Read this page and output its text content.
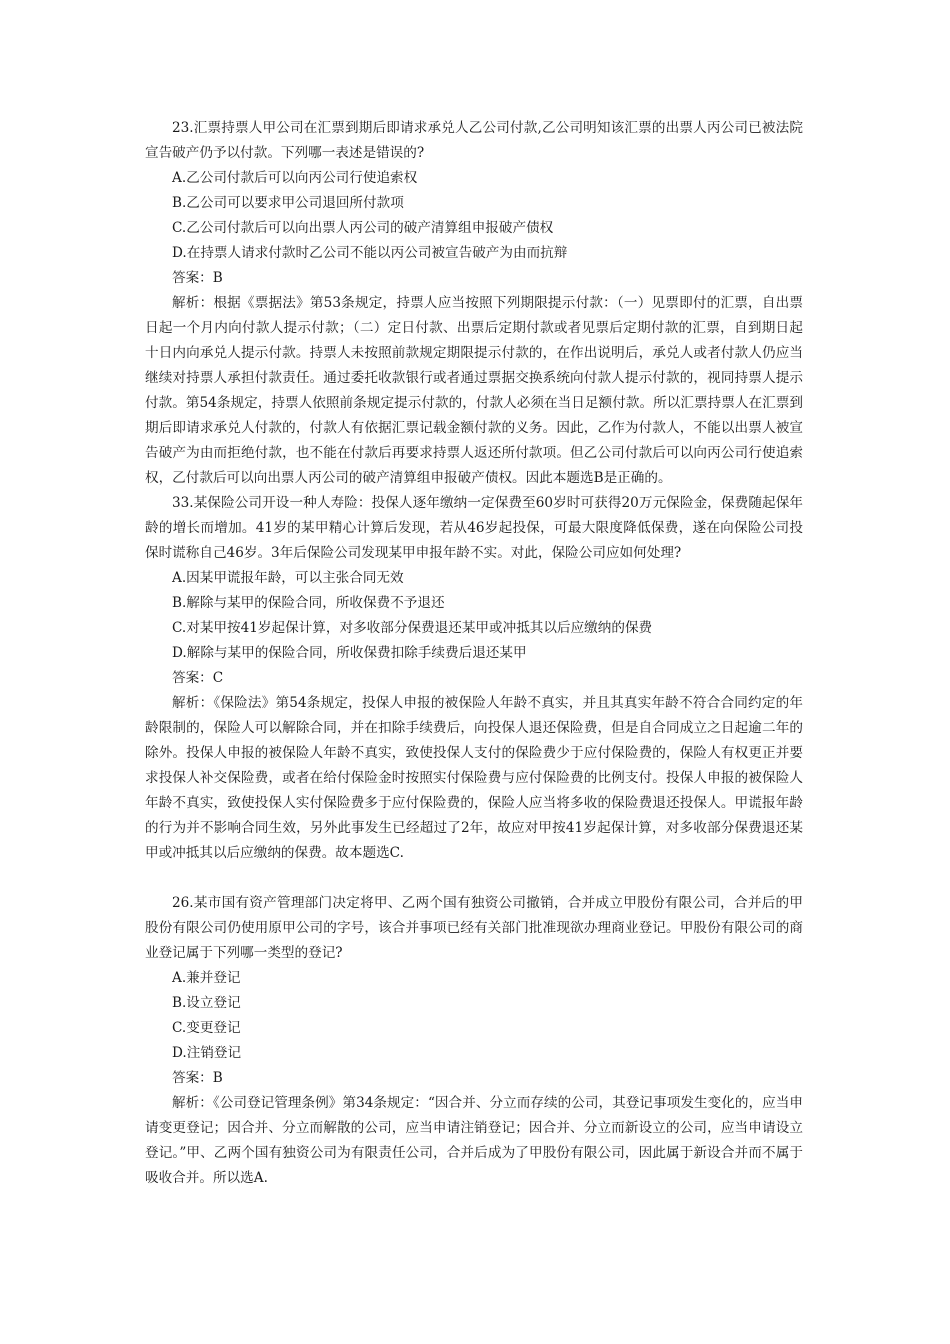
23.汇票持票人甲公司在汇票到期后即请求承兑人乙公司付款,乙公司明知该汇票的出票人丙公司已被法院宣告破产仍予以付款。下列哪一表述是错误的?

A.乙公司付款后可以向丙公司行使追索权

B.乙公司可以要求甲公司退回所付款项

C.乙公司付款后可以向出票人丙公司的破产清算组申报破产债权

D.在持票人请求付款时乙公司不能以丙公司被宣告破产为由而抗辩

答案：B

解析：根据《票据法》第53条规定，持票人应当按照下列期限提示付款：（一）见票即付的汇票，自出票日起一个月内向付款人提示付款；（二）定日付款、出票后定期付款或者见票后定期付款的汇票，自到期日起十日内向承兑人提示付款。持票人未按照前款规定期限提示付款的，在作出说明后，承兑人或者付款人仍应当继续对持票人承担付款责任。通过委托收款银行或者通过票据交换系统向付款人提示付款的，视同持票人提示付款。第54条规定，持票人依照前条规定提示付款的，付款人必须在当日足额付款。所以汇票持票人在汇票到期后即请求承兑人付款的，付款人有依据汇票记载金额付款的义务。因此，乙作为付款人，不能以出票人被宣告破产为由而拒绝付款，也不能在付款后再要求持票人返还所付款项。但乙公司付款后可以向丙公司行使追索权，乙付款后可以向出票人丙公司的破产清算组申报破产债权。因此本题选B是正确的。

33.某保险公司开设一种人寿险：投保人逐年缴纳一定保费至60岁时可获得20万元保险金，保费随起保年龄的增长而增加。41岁的某甲精心计算后发现，若从46岁起投保，可最大限度降低保费，遂在向保险公司投保时谎称自己46岁。3年后保险公司发现某甲申报年龄不实。对此，保险公司应如何处理?

A.因某甲谎报年龄，可以主张合同无效

B.解除与某甲的保险合同，所收保费不予退还

C.对某甲按41岁起保计算，对多收部分保费退还某甲或冲抵其以后应缴纳的保费

D.解除与某甲的保险合同，所收保费扣除手续费后退还某甲

答案：C

解析：《保险法》第54条规定，投保人申报的被保险人年龄不真实，并且其真实年龄不符合合同约定的年龄限制的，保险人可以解除合同，并在扣除手续费后，向投保人退还保险费，但是自合同成立之日起逾二年的除外。投保人申报的被保险人年龄不真实，致使投保人支付的保险费少于应付保险费的，保险人有权更正并要求投保人补交保险费，或者在给付保险金时按照实付保险费与应付保险费的比例支付。投保人申报的被保险人年龄不真实，致使投保人实付保险费多于应付保险费的，保险人应当将多收的保险费退还投保人。甲谎报年龄的行为并不影响合同生效，另外此事发生已经超过了2年，故应对甲按41岁起保计算，对多收部分保费退还某甲或冲抵其以后应缴纳的保费。故本题选C.

26.某市国有资产管理部门决定将甲、乙两个国有独资公司撤销，合并成立甲股份有限公司，合并后的甲股份有限公司仍使用原甲公司的字号，该合并事项已经有关部门批准现欲办理商业登记。甲股份有限公司的商业登记属于下列哪一类型的登记?

A.兼并登记

B.设立登记

C.变更登记

D.注销登记

答案：B

解析：《公司登记管理条例》第34条规定：“因合并、分立而存续的公司，其登记事项发生变化的，应当申请变更登记；因合并、分立而解散的公司，应当申请注销登记；因合并、分立而新设立的公司，应当申请设立登记。”甲、乙两个国有独资公司为有限责任公司，合并后成为了甲股份有限公司，因此属于新设合并而不属于吸收合并。所以选A.
